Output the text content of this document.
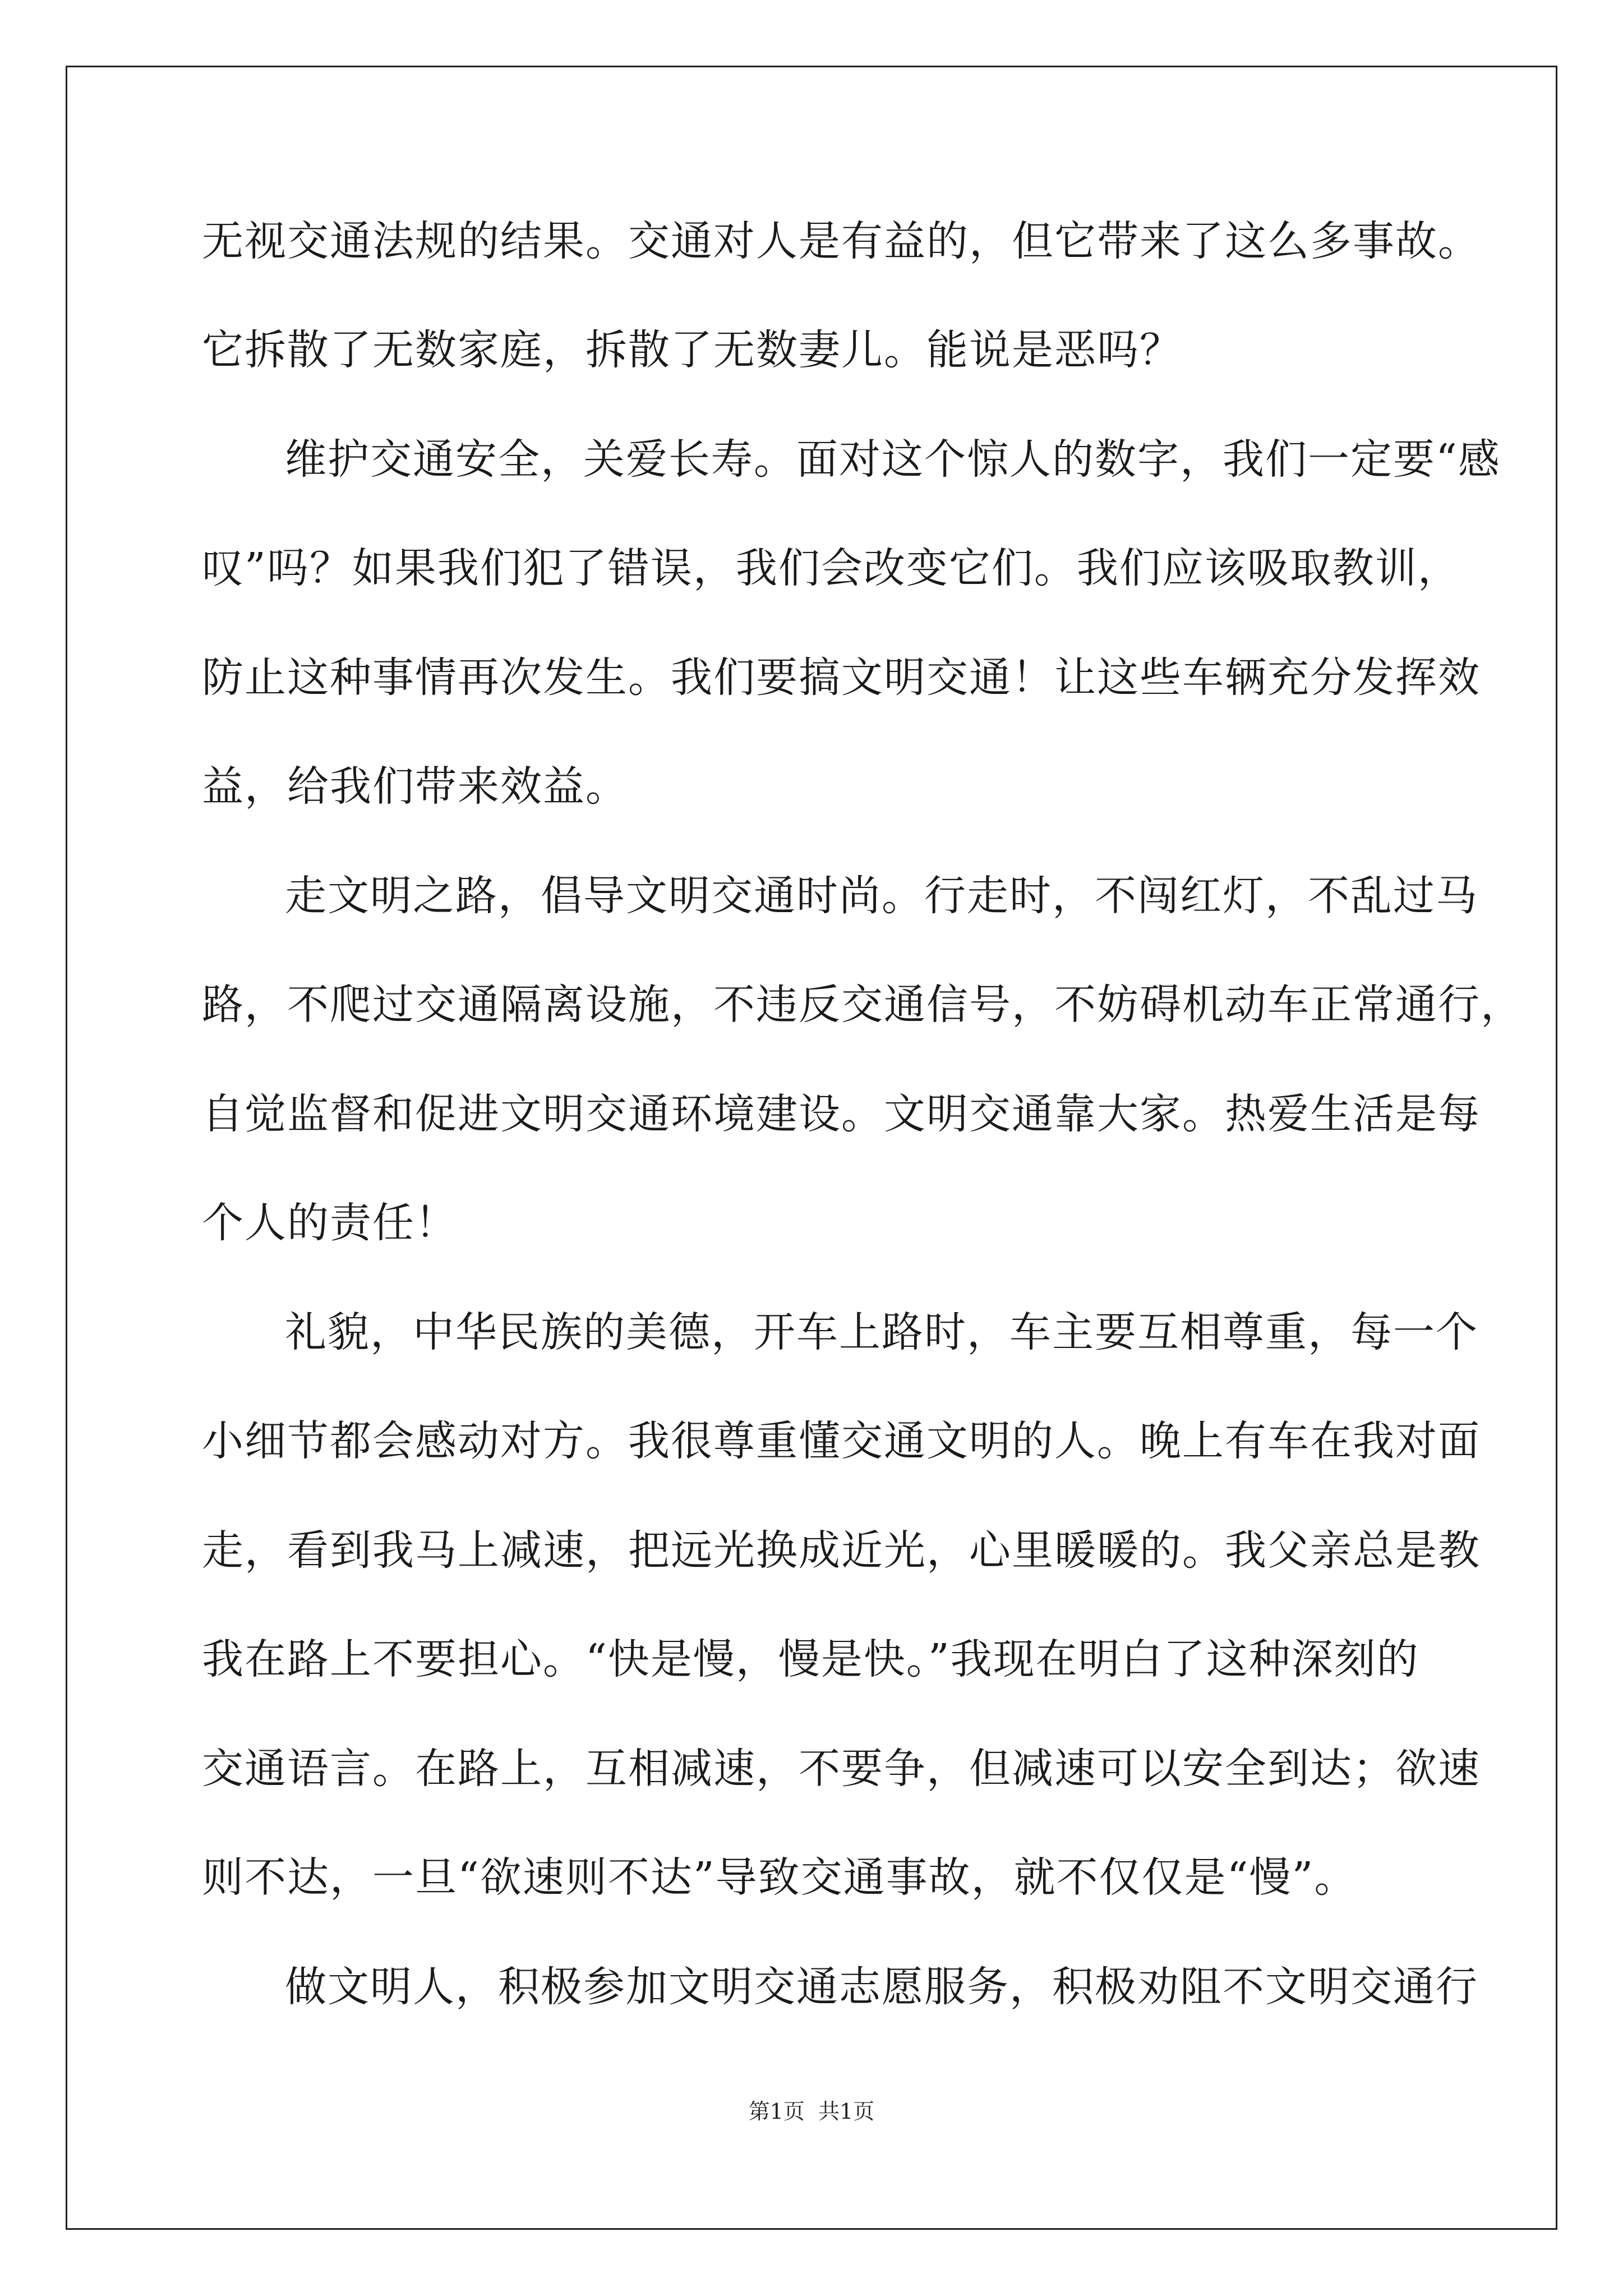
无视交通法规的结果。交通对人是有益的，但它带来了这么多事故。
它拆散了无数家庭，拆散了无数妻儿。能说是恶吗？
维护交通安全，关爱长寿。面对这个惊人的数字，我们一定要“感
叹”吗？如果我们犯了错误，我们会改变它们。我们应该吸取教训，
防止这种事情再次发生。我们要搞文明交通！让这些车辆充分发挥效
益，给我们带来效益。
走文明之路，倡导文明交通时尚。行走时，不闯红灯，不乱过马
路，不爬过交通隔离设施，不违反交通信号，不妨碍机动车正常通行，
自觉监督和促进文明交通环境建设。文明交通靠大家。热爱生活是每
个人的责任！
礼貌，中华民族的美德，开车上路时，车主要互相尊重，每一个
小细节都会感动对方。我很尊重懂交通文明的人。晚上有车在我对面
走，看到我马上减速，把远光换成近光，心里暖暖的。我父亲总是教
我在路上不要担心。“快是慢，慢是快。”我现在明白了这种深刻的
交通语言。在路上，互相减速，不要争，但减速可以安全到达；欲速
则不达，一旦“欲速则不达”导致交通事故，就不仅仅是“慢”。
做文明人，积极参加文明交通志愿服务，积极劝阻不文明交通行
第1页  共1页
